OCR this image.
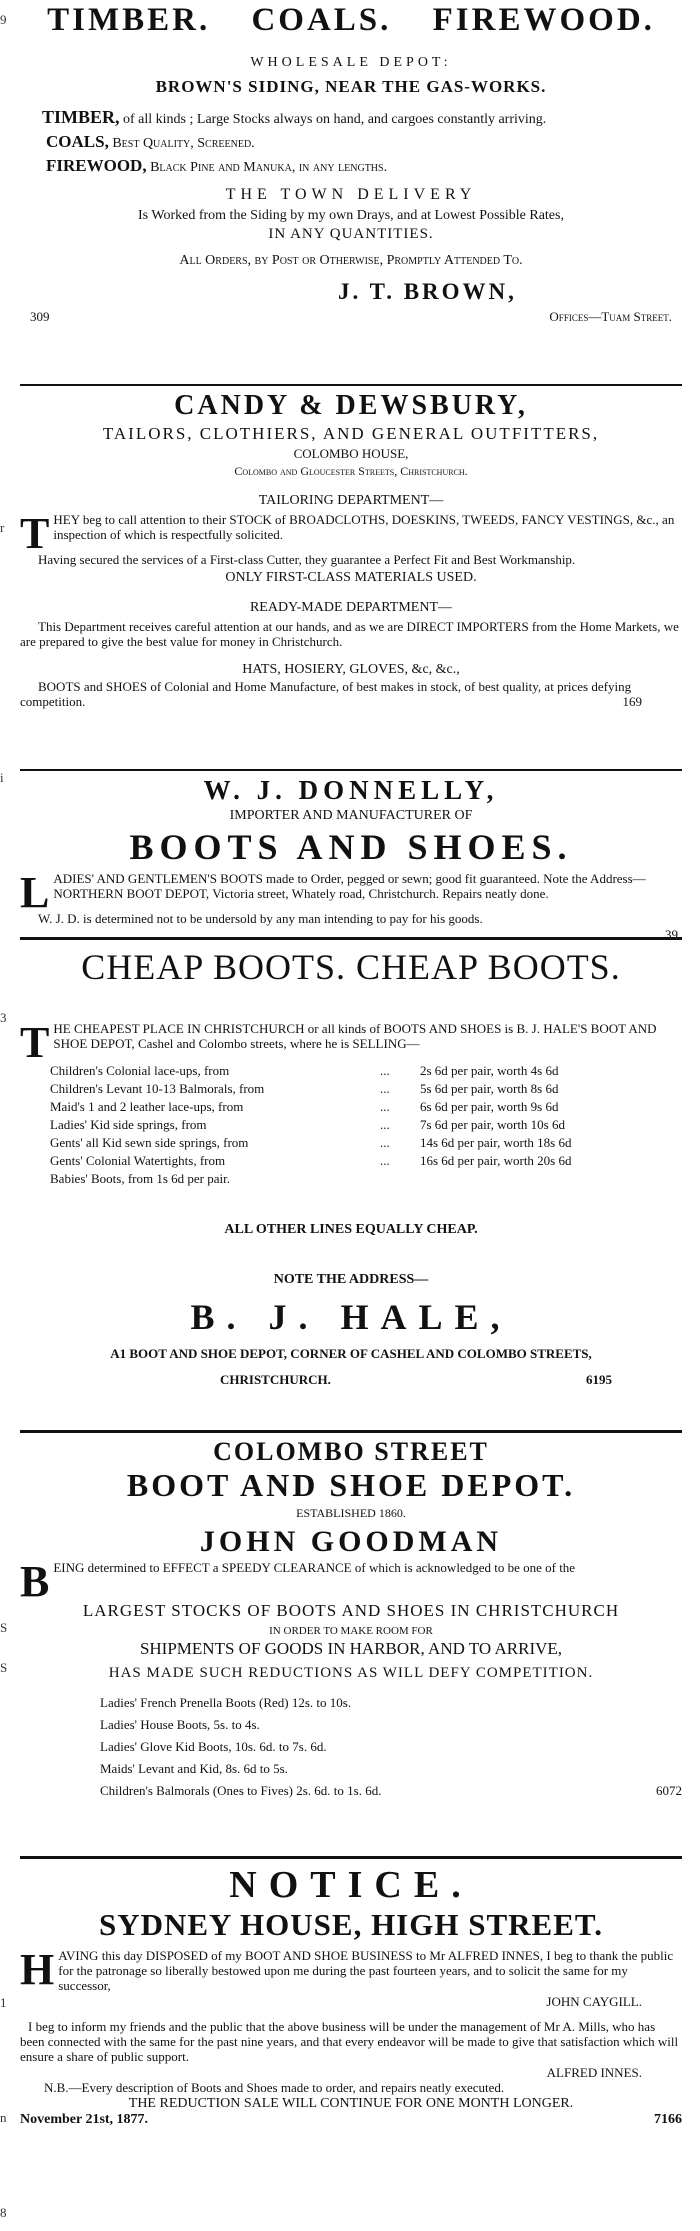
9
r
i
3
1
n
S
S
8
TIMBER. COALS. FIREWOOD.
WHOLESALE DEPOT:
BROWN'S SIDING, NEAR THE GAS-WORKS.
TIMBER, of all kinds ; Large Stocks always on hand, and cargoes constantly arriving.
COALS, Best Quality, Screened.
FIREWOOD, Black Pine and Manuka, in any lengths.
THE TOWN DELIVERY
Is Worked from the Siding by my own Drays, and at Lowest Possible Rates,
IN ANY QUANTITIES.
All Orders, by Post or Otherwise, Promptly Attended To.
J. T. BROWN,
309	Offices—Tuam Street.
CANDY & DEWSBURY,
TAILORS, CLOTHIERS, AND GENERAL OUTFITTERS,
COLOMBO HOUSE,
Colombo and Gloucester Streets, Christchurch.
TAILORING DEPARTMENT—

T HEY beg to call attention to their STOCK of BROADCLOTHS, DOESKINS, TWEEDS, FANCY VESTINGS, &c., an inspection of which is respectfully solicited.

Having secured the services of a First-class Cutter, they guarantee a Perfect Fit and Best Workmanship.

ONLY FIRST-CLASS MATERIALS USED.
READY-MADE DEPARTMENT—

This Department receives careful attention at our hands, and as we are DIRECT IMPORTERS from the Home Markets, we are prepared to give the best value for money in Christchurch.

HATS, HOSIERY, GLOVES, &c, &c.,

BOOTS and SHOES of Colonial and Home Manufacture, of best makes in stock, of best quality, at prices defying competition.	169
W. J. DONNELLY,
IMPORTER AND MANUFACTURER OF
BOOTS AND SHOES.

L ADIES' AND GENTLEMEN'S BOOTS made to Order, pegged or sewn; good fit guaranteed. Note the Address—NORTHERN BOOT DEPOT, Victoria street, Whately road, Christchurch. Repairs neatly done.

W. J. D. is determined not to be undersold by any man intending to pay for his goods.

39
CHEAP BOOTS. CHEAP BOOTS.

T HE CHEAPEST PLACE IN CHRISTCHURCH or all kinds of BOOTS AND SHOES is B. J. HALE'S BOOT AND SHOE DEPOT, Cashel and Colombo streets, where he is SELLING—

Children's Colonial lace-ups, from	...	2s 6d per pair, worth 4s 6d
Children's Levant 10-13 Balmorals, from	...	5s 6d per pair, worth 8s 6d
Maid's 1 and 2 leather lace-ups, from	...	6s 6d per pair, worth 9s 6d
Ladies' Kid side springs, from	...	7s 6d per pair, worth 10s 6d
Gents' all Kid sewn side springs, from	...	14s 6d per pair, worth 18s 6d
Gents' Colonial Watertights, from	...	16s 6d per pair, worth 20s 6d
Babies' Boots, from 1s 6d per pair.
ALL OTHER LINES EQUALLY CHEAP.
NOTE THE ADDRESS—
B. J. HALE,
A1 BOOT AND SHOE DEPOT, CORNER OF CASHEL AND COLOMBO STREETS,
CHRISTCHURCH.	6195
COLOMBO STREET
BOOT AND SHOE DEPOT.
ESTABLISHED 1860.
JOHN GOODMAN

B EING determined to EFFECT a SPEEDY CLEARANCE of which is acknowledged to be one of the

LARGEST STOCKS OF BOOTS AND SHOES IN CHRISTCHURCH
IN ORDER TO MAKE ROOM FOR
SHIPMENTS OF GOODS IN HARBOR, AND TO ARRIVE,
HAS MADE SUCH REDUCTIONS AS WILL DEFY COMPETITION.
Ladies' French Prenella Boots (Red) 12s. to 10s.
Ladies' House Boots, 5s. to 4s.
Ladies' Glove Kid Boots, 10s. 6d. to 7s. 6d.
Maids' Levant and Kid, 8s. 6d to 5s.
Children's Balmorals (Ones to Fives) 2s. 6d. to 1s. 6d.	6072
NOTICE.
SYDNEY HOUSE, HIGH STREET.

H AVING this day DISPOSED of my BOOT AND SHOE BUSINESS to Mr ALFRED INNES, I beg to thank the public for the patronage so liberally bestowed upon me during the past fourteen years, and to solicit the same for my successor,

JOHN CAYGILL.

I beg to inform my friends and the public that the above business will be under the management of Mr A. Mills, who has been connected with the same for the past nine years, and that every endeavor will be made to give that satisfaction which will ensure a share of public support.

ALFRED INNES.

N.B.—Every description of Boots and Shoes made to order, and repairs neatly executed.

THE REDUCTION SALE WILL CONTINUE FOR ONE MONTH LONGER.
November 21st, 1877.	7166
